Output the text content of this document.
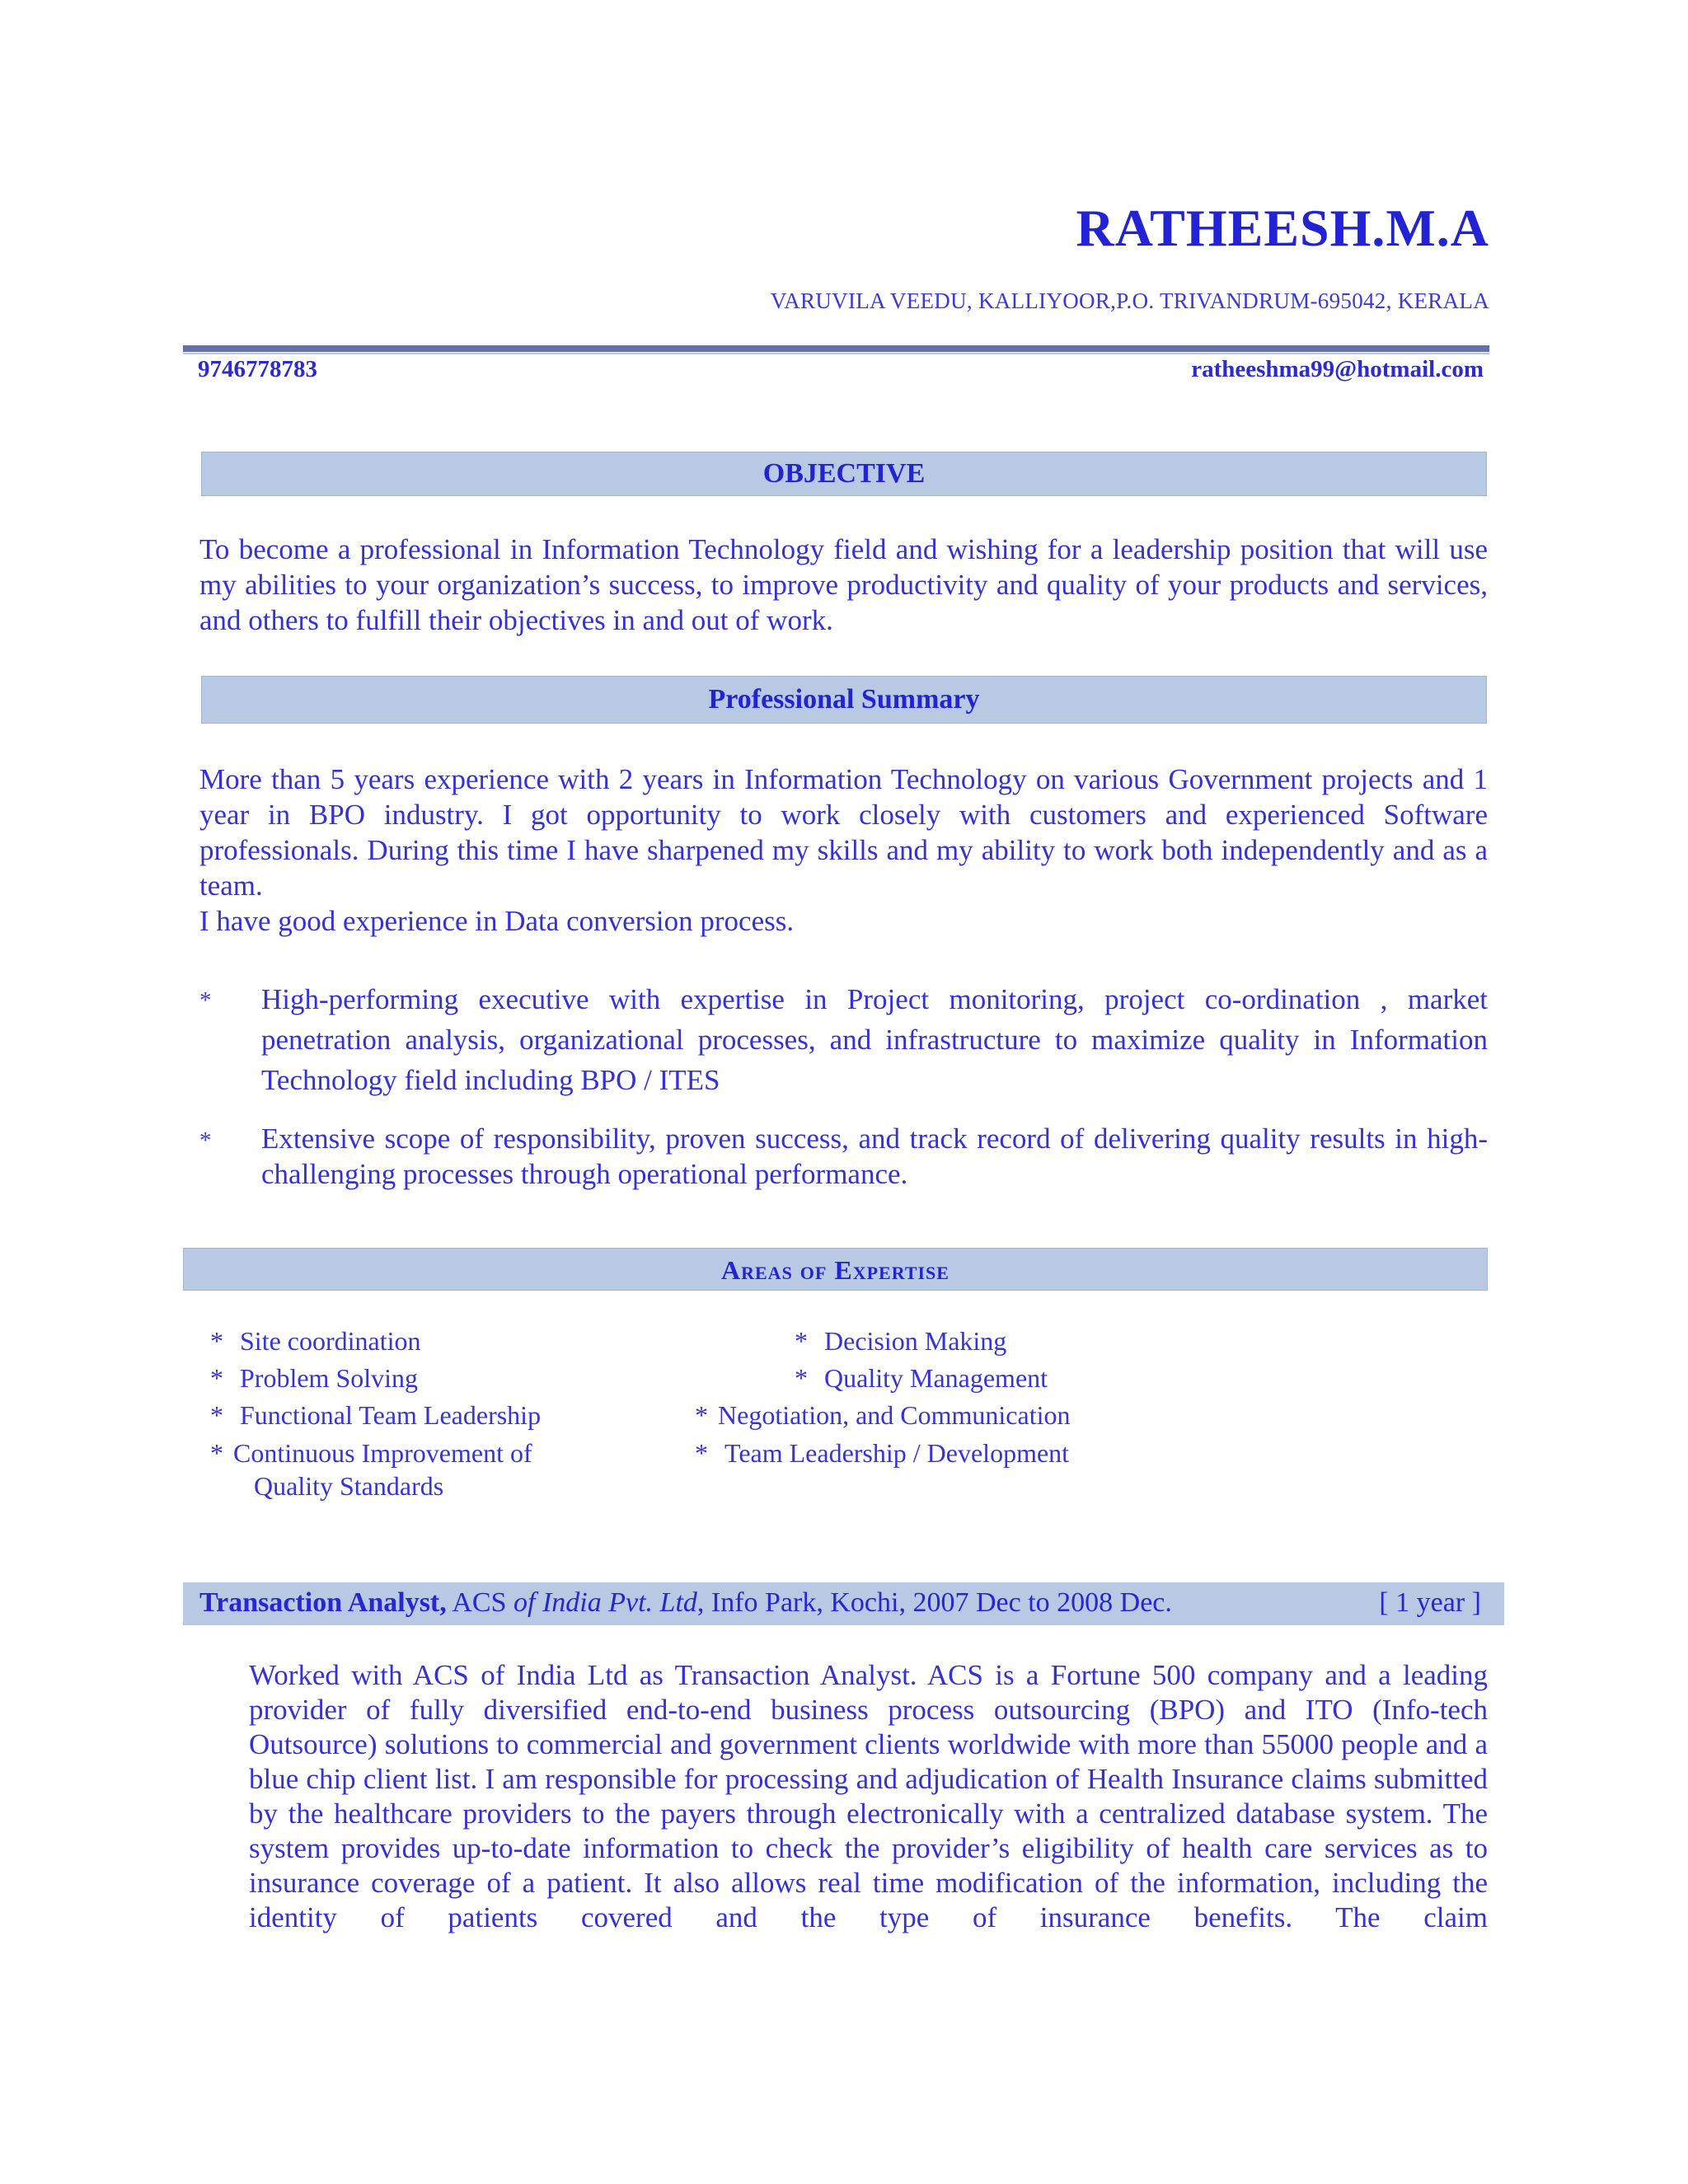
RATHEESH.M.A
VARUVILA VEEDU, KALLIYOOR,P.O. TRIVANDRUM-695042, KERALA
9746778783	ratheeshma99@hotmail.com
OBJECTIVE
To become a professional in Information Technology field and wishing for a leadership position that will use my abilities to your organization’s success, to improve productivity and quality of your products and services, and others to fulfill their objectives in and out of work.
Professional Summary
More than 5 years experience with 2 years in Information Technology on various Government projects and 1 year in BPO industry. I got opportunity to work closely with customers and experienced Software professionals. During this time I have sharpened my skills and my ability to work both independently and as a team.
I have good experience in Data conversion process.
* High-performing executive with expertise in Project monitoring, project co-ordination , market penetration analysis, organizational processes, and infrastructure to maximize quality in Information Technology field including BPO / ITES
* Extensive scope of responsibility, proven success, and track record of delivering quality results in high-challenging processes through operational performance.
Areas of Expertise
* Site coordination
* Problem Solving
* Functional Team Leadership
* Continuous Improvement of
Quality Standards
* Decision Making
* Quality Management
* Negotiation, and Communication
* Team Leadership / Development
Transaction Analyst, ACS of India Pvt. Ltd, Info Park, Kochi, 2007 Dec to 2008 Dec.	[ 1 year ]
Worked with ACS of India Ltd as Transaction Analyst. ACS is a Fortune 500 company and a leading provider of fully diversified end-to-end business process outsourcing (BPO) and ITO (Info-tech Outsource) solutions to commercial and government clients worldwide with more than 55000 people and a blue chip client list. I am responsible for processing and adjudication of Health Insurance claims submitted by the healthcare providers to the payers through electronically with a centralized database system. The system provides up-to-date information to check the provider’s eligibility of health care services as to insurance coverage of a patient. It also allows real time modification of the information, including the identity of patients covered and the type of insurance benefits. The claim
